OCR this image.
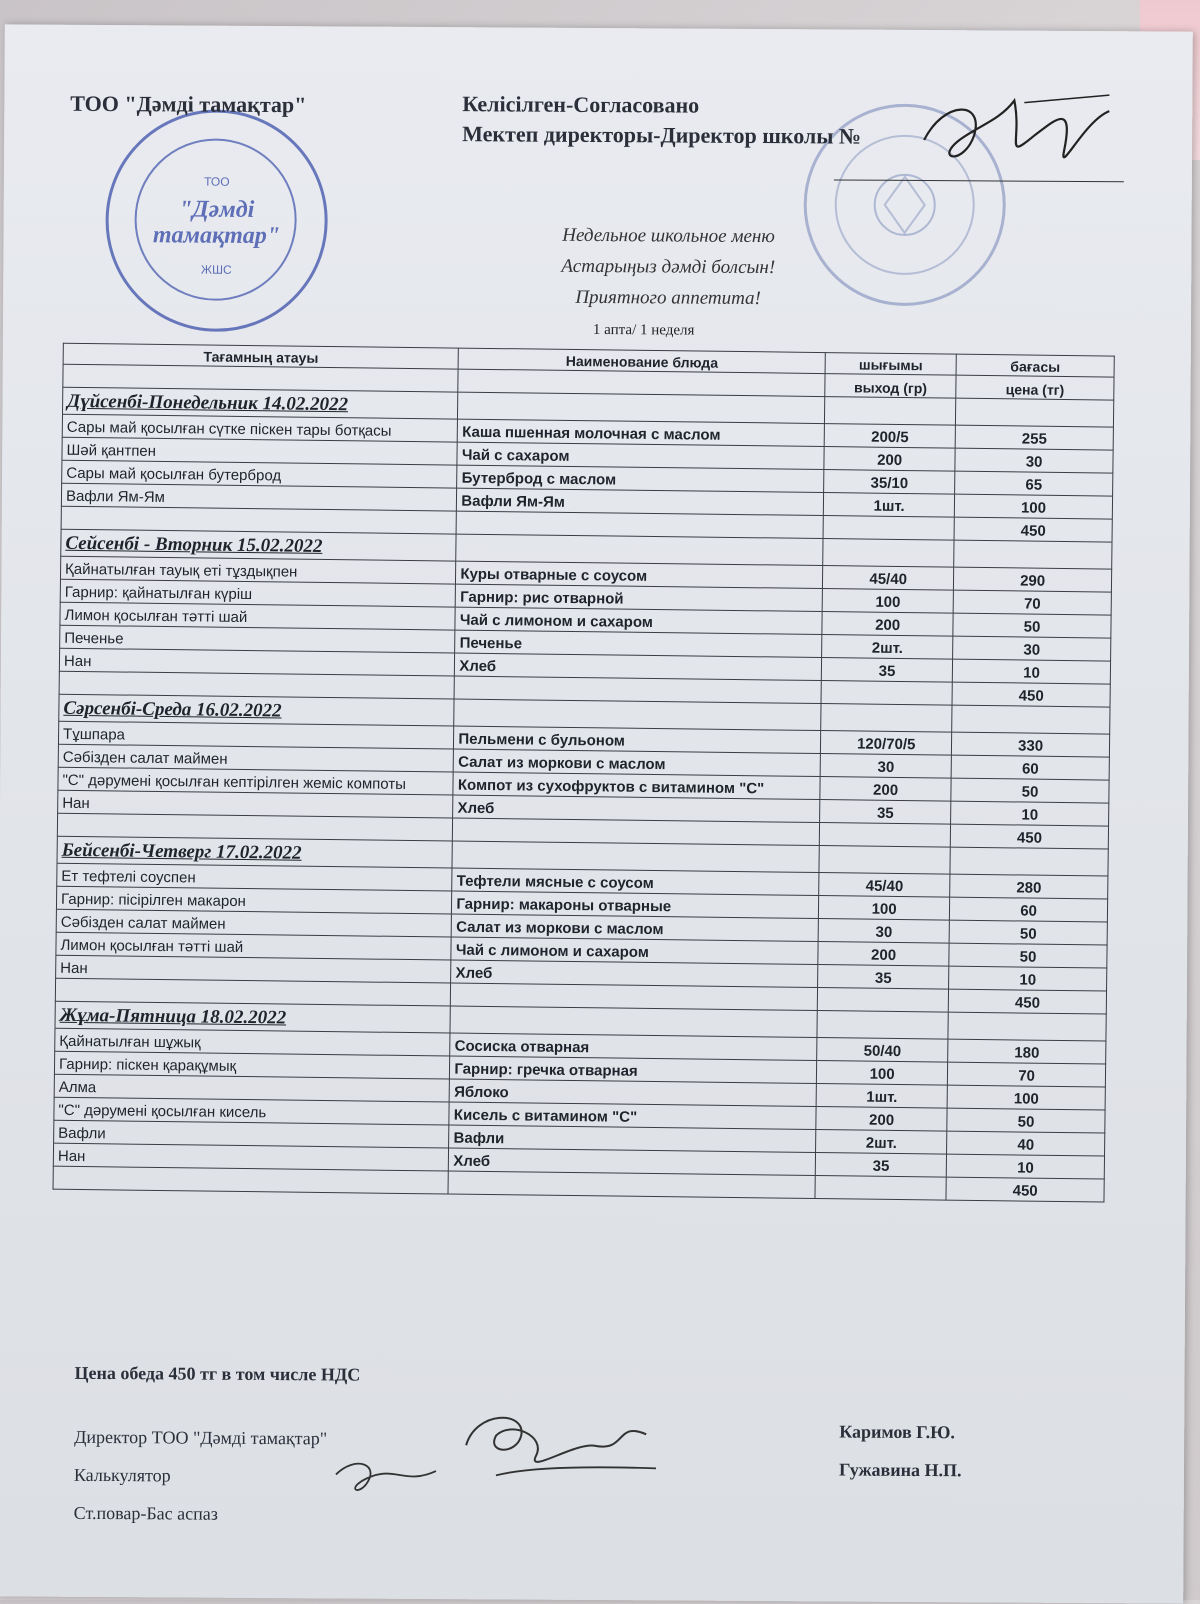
ТОО
"Дәмді
тамақтар"
ЖШС
ТОО "Дәмді тамақтар"	Келісілген-Согласовано
Мектеп директоры-Директор школы №
Недельное школьное меню
Астарыңыз дәмді болсын!
Приятного аппетита!
1 апта/ 1 неделя
Тағамның атауы	Наименование блюда	шығымы	бағасы
		выход (гр)	цена (тг)
Дүйсенбі-Понедельник 14.02.2022			
Сары май қосылған сүтке піскен тары ботқасы	Каша пшенная молочная с маслом	200/5	255
Шәй қантпен	Чай с сахаром	200	30
Сары май қосылған бутерброд	Бутерброд с маслом	35/10	65
Вафли Ям-Ям	Вафли Ям-Ям	1шт.	100
			450
Сейсенбі - Вторник 15.02.2022			
Қайнатылған тауық еті тұздықпен	Куры отварные с соусом	45/40	290
Гарнир: қайнатылған күріш	Гарнир: рис отварной	100	70
Лимон қосылған тәтті шай	Чай с лимоном и сахаром	200	50
Печенье	Печенье	2шт.	30
Нан	Хлеб	35	10
			450
Сәрсенбі-Среда 16.02.2022			
Тұшпара	Пельмени с бульоном	120/70/5	330
Сәбізден салат маймен	Салат из моркови с маслом	30	60
"С" дәрумені қосылған кептірілген жеміс компоты	Компот из сухофруктов с витамином "С"	200	50
Нан	Хлеб	35	10
			450
Бейсенбі-Четверг 17.02.2022			
Ет тефтелі соуспен	Тефтели мясные с соусом	45/40	280
Гарнир: пісірілген макарон	Гарнир: макароны отварные	100	60
Сәбізден салат маймен	Салат из моркови с маслом	30	50
Лимон қосылған тәтті шай	Чай с лимоном и сахаром	200	50
Нан	Хлеб	35	10
			450
Жұма-Пятница 18.02.2022			
Қайнатылған шұжық	Сосиска отварная	50/40	180
Гарнир: піскен қарақұмық	Гарнир: гречка отварная	100	70
Алма	Яблоко	1шт.	100
"С" дәрумені қосылған кисель	Кисель с витамином "С"	200	50
Вафли	Вафли	2шт.	40
Нан	Хлеб	35	10
			450
Цена обеда 450 тг в том числе НДС
Директор ТОО "Дәмді тамақтар"
Калькулятор
Ст.повар-Бас аспаз
Каримов Г.Ю.
Гужавина Н.П.
